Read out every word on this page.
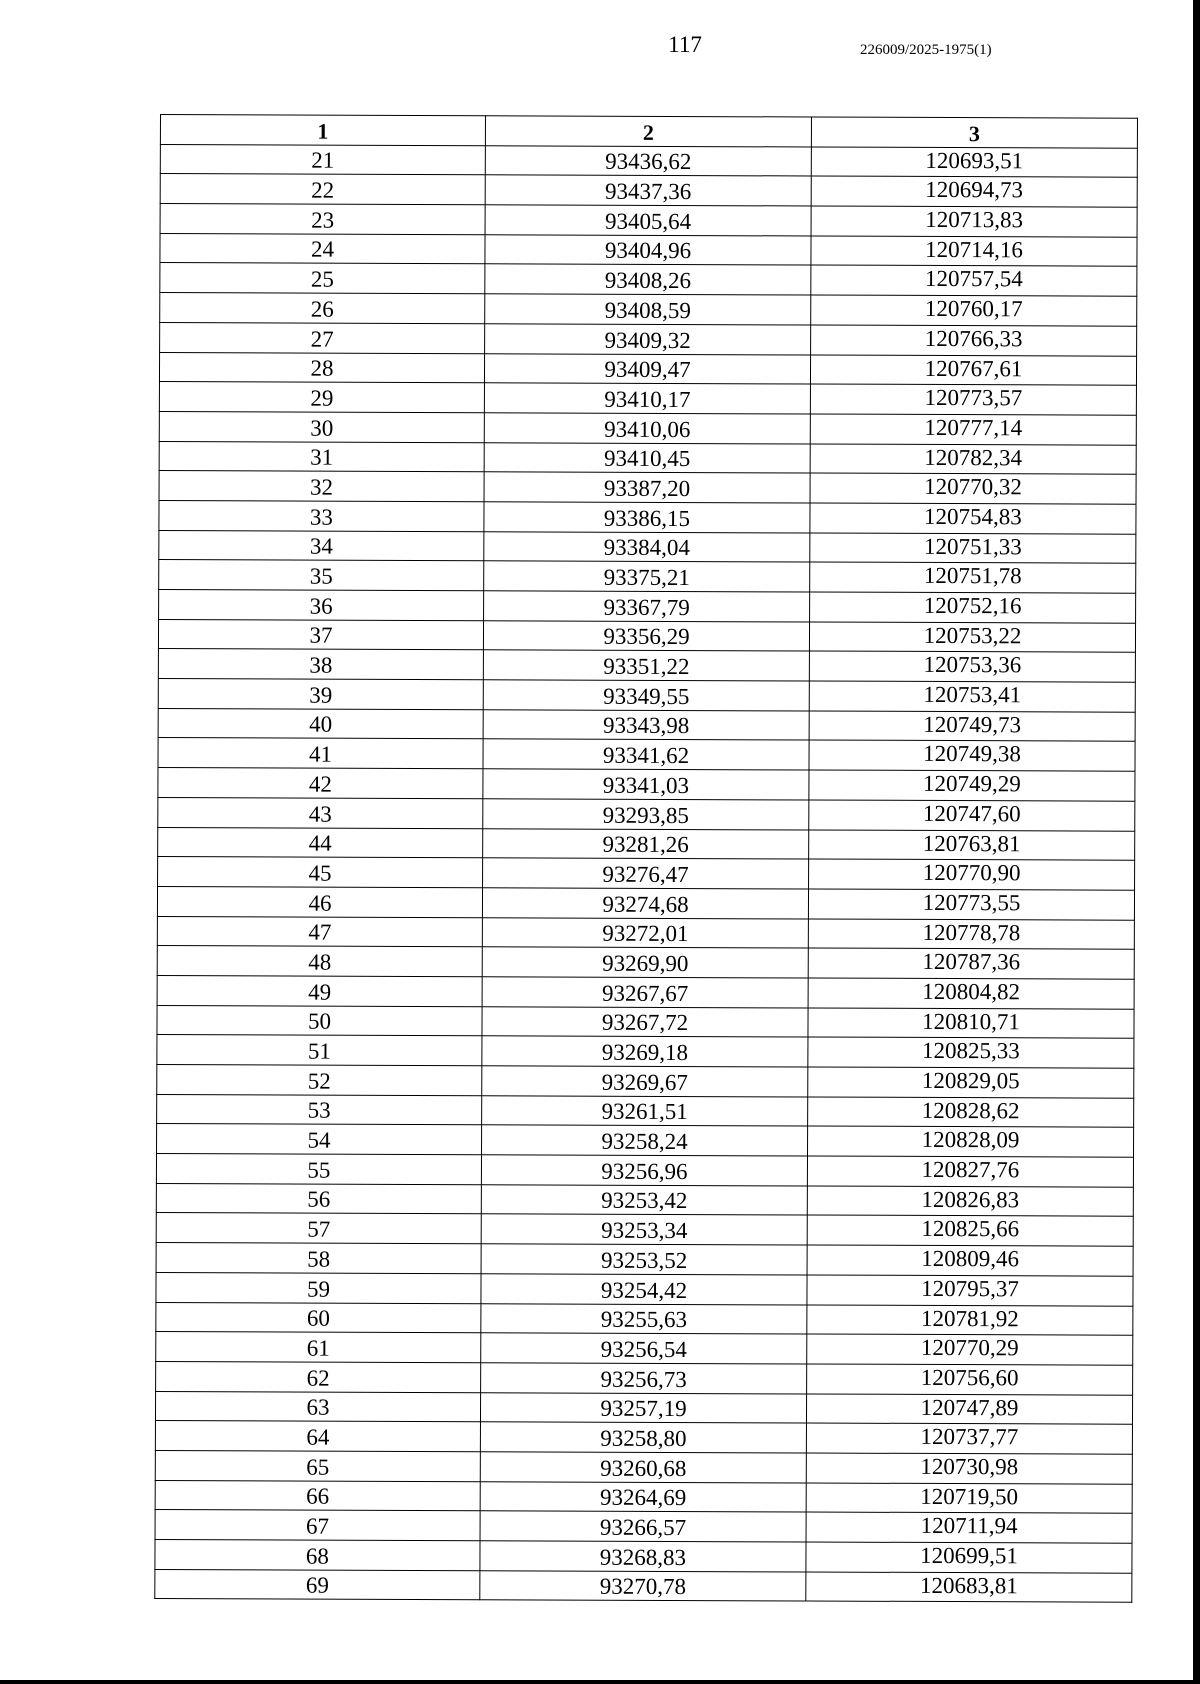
117	226009/2025-1975(1)
1	2	3
21	93436,62	120693,51
22	93437,36	120694,73
23	93405,64	120713,83
24	93404,96	120714,16
25	93408,26	120757,54
26	93408,59	120760,17
27	93409,32	120766,33
28	93409,47	120767,61
29	93410,17	120773,57
30	93410,06	120777,14
31	93410,45	120782,34
32	93387,20	120770,32
33	93386,15	120754,83
34	93384,04	120751,33
35	93375,21	120751,78
36	93367,79	120752,16
37	93356,29	120753,22
38	93351,22	120753,36
39	93349,55	120753,41
40	93343,98	120749,73
41	93341,62	120749,38
42	93341,03	120749,29
43	93293,85	120747,60
44	93281,26	120763,81
45	93276,47	120770,90
46	93274,68	120773,55
47	93272,01	120778,78
48	93269,90	120787,36
49	93267,67	120804,82
50	93267,72	120810,71
51	93269,18	120825,33
52	93269,67	120829,05
53	93261,51	120828,62
54	93258,24	120828,09
55	93256,96	120827,76
56	93253,42	120826,83
57	93253,34	120825,66
58	93253,52	120809,46
59	93254,42	120795,37
60	93255,63	120781,92
61	93256,54	120770,29
62	93256,73	120756,60
63	93257,19	120747,89
64	93258,80	120737,77
65	93260,68	120730,98
66	93264,69	120719,50
67	93266,57	120711,94
68	93268,83	120699,51
69	93270,78	120683,81
